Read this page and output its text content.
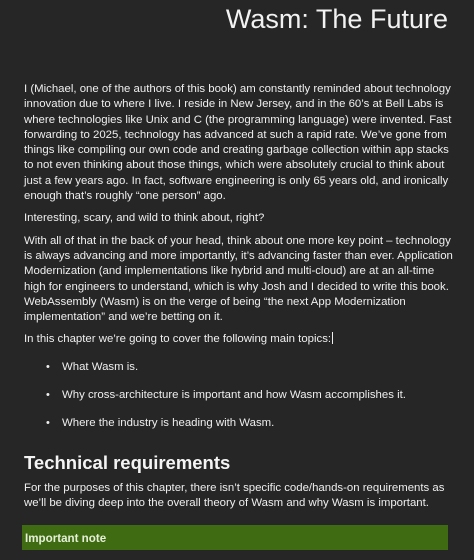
Wasm: The Future

I (Michael, one of the authors of this book) am constantly reminded about technology innovation due to where I live. I reside in New Jersey, and in the 60’s at Bell Labs is where technologies like Unix and C (the programming language) were invented. Fast forwarding to 2025, technology has advanced at such a rapid rate. We’ve gone from things like compiling our own code and creating garbage collection within app stacks to not even thinking about those things, which were absolutely crucial to think about just a few years ago. In fact, software engineering is only 65 years old, and ironically enough that’s roughly “one person” ago.

Interesting, scary, and wild to think about, right?

With all of that in the back of your head, think about one more key point – technology is always advancing and more importantly, it’s advancing faster than ever. Application Modernization (and implementations like hybrid and multi-cloud) are at an all-time high for engineers to understand, which is why Josh and I decided to write this book. WebAssembly (Wasm) is on the verge of being “the next App Modernization implementation” and we’re betting on it.

In this chapter we’re going to cover the following main topics:

• What Wasm is.
• Why cross-architecture is important and how Wasm accomplishes it.
• Where the industry is heading with Wasm.
Technical requirements

For the purposes of this chapter, there isn’t specific code/hands-on requirements as we’ll be diving deep into the overall theory of Wasm and why Wasm is important.

Important note
